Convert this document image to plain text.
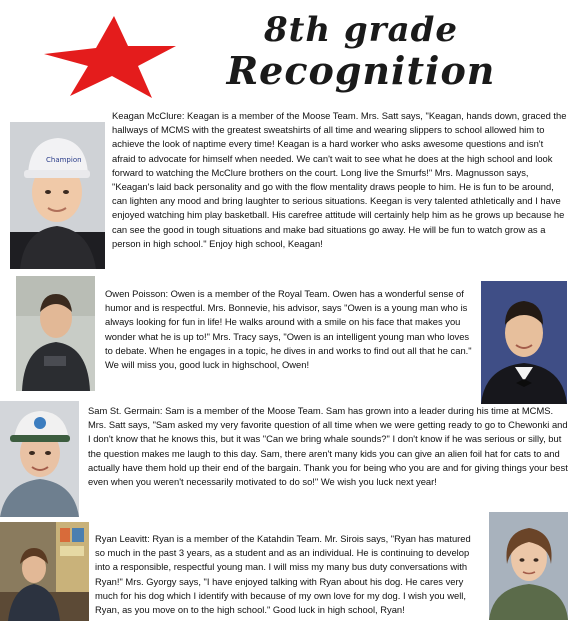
8th grade
Recognition
Champion
Keagan McClure: Keagan is a member of the Moose Team. Mrs. Satt says, "Keagan, hands down, graced the hallways of MCMS with the greatest sweatshirts of all time and wearing slippers to school allowed him to achieve the look of naptime every time! Keagan is a hard worker who asks awesome questions and isn't afraid to advocate for himself when needed. We can't wait to see what he does at the high school and look forward to watching the McClure brothers on the court. Long live the Smurfs!" Mrs. Magnusson says, "Keagan's laid back personality and go with the flow mentality draws people to him. He is fun to be around, can lighten any mood and bring laughter to serious situations. Keegan is very talented athletically and I have enjoyed watching him play basketball. His carefree attitude will certainly help him as he grows up because he can see the good in tough situations and make bad situations go away. He will be fun to watch grow as a person in high school." Enjoy high school, Keagan!
Owen Poisson: Owen is a member of the Royal Team. Owen has a wonderful sense of humor and is respectful. Mrs. Bonnevie, his advisor, says "Owen is a young man who is always looking for fun in life! He walks around with a smile on his face that makes you wonder what he is up to!" Mrs. Tracy says, "Owen is an intelligent young man who loves to debate. When he engages in a topic, he dives in and works to find out all that he can." We will miss you, good luck in highschool, Owen!
Sam St. Germain: Sam is a member of the Moose Team. Sam has grown into a leader during his time at MCMS. Mrs. Satt says, "Sam asked my very favorite question of all time when we were getting ready to go to Chewonki and I don't know that he knows this, but it was "Can we bring whale sounds?" I don't know if he was serious or silly, but the question makes me laugh to this day. Sam, there aren't many kids you can give an alien foil hat for cats to and actually have them hold up their end of the bargain. Thank you for being who you are and for giving things your best even when you weren't necessarily motivated to do so!" We wish you luck next year!
Ryan Leavitt: Ryan is a member of the Katahdin Team. Mr. Sirois says, "Ryan has matured so much in the past 3 years, as a student and as an individual. He is continuing to develop into a responsible, respectful young man. I will miss my many bus duty conversations with Ryan!" Mrs. Gyorgy says, "I have enjoyed talking with Ryan about his dog. He cares very much for his dog which I identify with because of my own love for my dog. I wish you well, Ryan, as you move on to the high school." Good luck in high school, Ryan!
